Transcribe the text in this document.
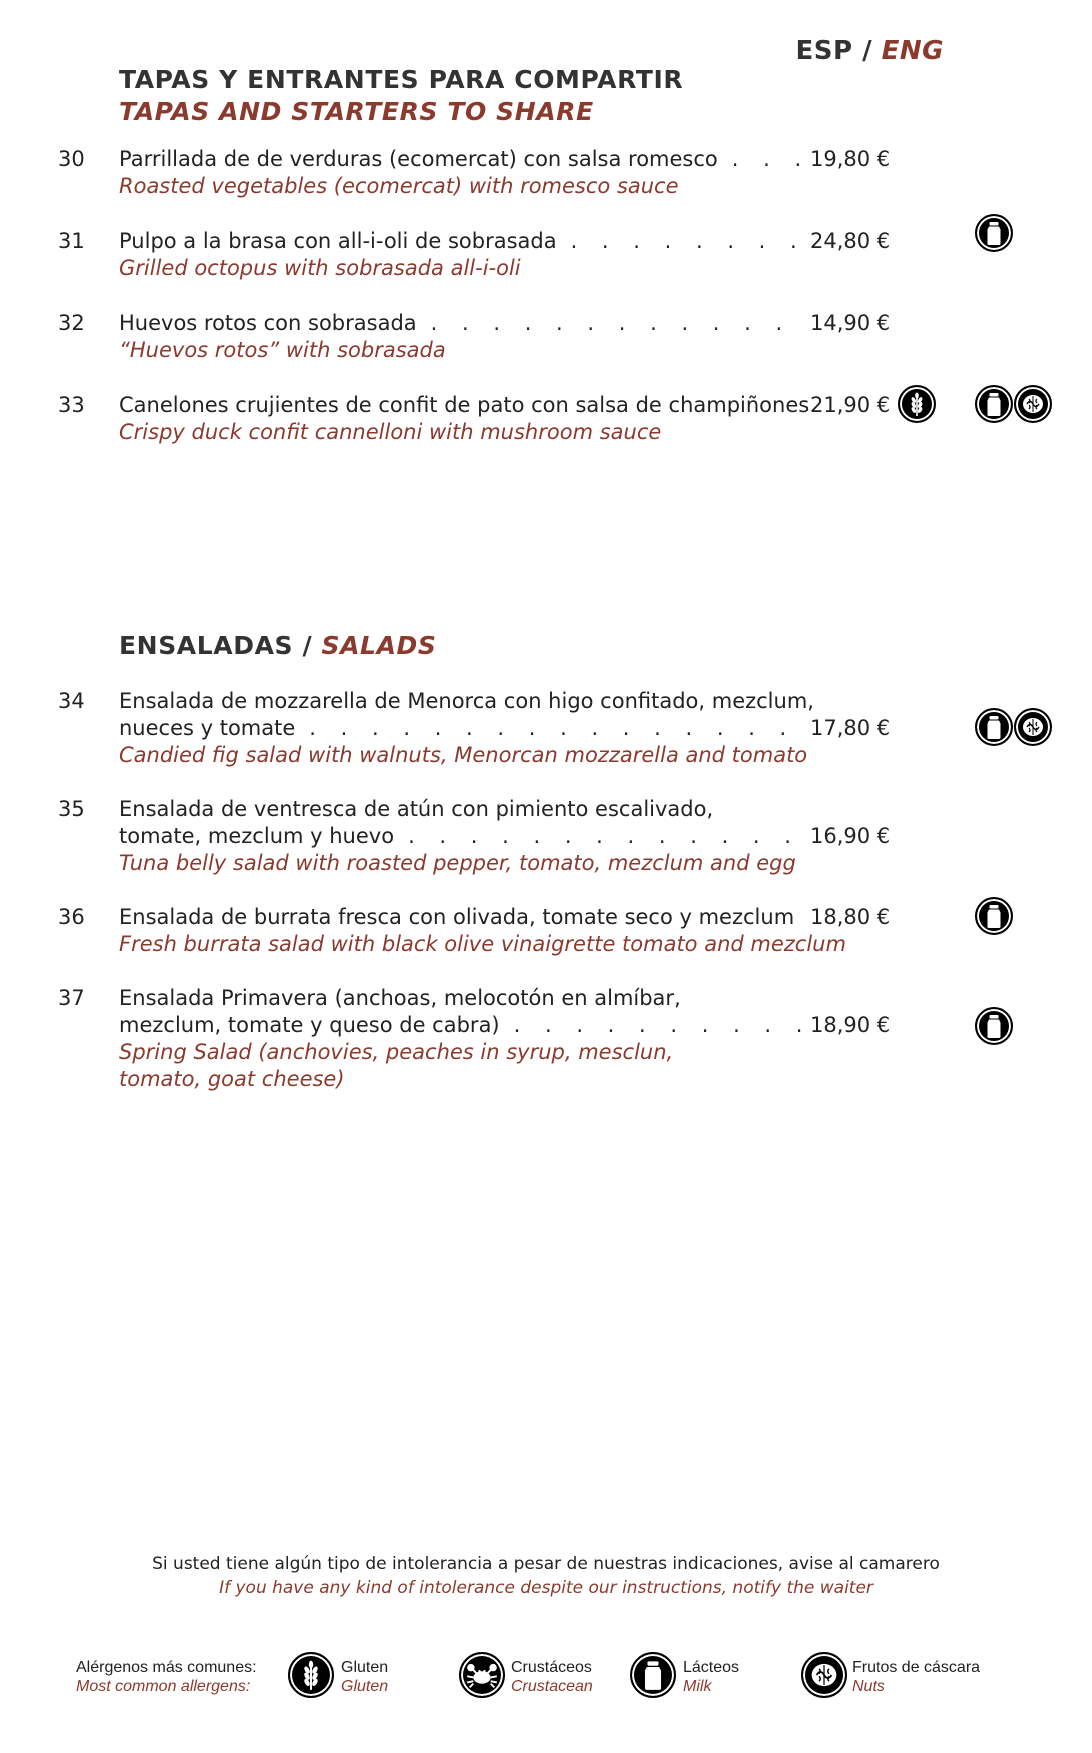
ESP / ENG
TAPAS Y ENTRANTES PARA COMPARTIR
TAPAS AND STARTERS TO SHARE
30 Parrillada de de verduras (ecomercat) con salsa romesco
. . .
Roasted vegetables (ecomercat) with romesco sauce
19,80 €
31 Pulpo a la brasa con all-i-oli de sobrasada
. . .
Grilled octopus with sobrasada all-i-oli
24,80 €
32 Huevos rotos con sobrasada
. . .
“Huevos rotos” with sobrasada
14,90 €
33 Canelones crujientes de confit de pato con salsa de champiñones
Crispy duck confit cannelloni with mushroom sauce
21,90 €
ENSALADAS / SALADS
34 Ensalada de mozzarella de Menorca con higo confitado, mezclum,
nueces y tomate
. . .
Candied fig salad with walnuts, Menorcan mozzarella and tomato
17,80 €
35 Ensalada de ventresca de atún con pimiento escalivado,
tomate, mezclum y huevo
. . .
Tuna belly salad with roasted pepper, tomato, mezclum and egg
16,90 €
36 Ensalada de burrata fresca con olivada, tomate seco y mezclum
. . .
Fresh burrata salad with black olive vinaigrette tomato and mezclum
18,80 €
37 Ensalada Primavera (anchoas, melocotón en almíbar,
mezclum, tomate y queso de cabra)
. . .
Spring Salad (anchovies, peaches in syrup, mesclun,
tomato, goat cheese)
18,90 €
Si usted tiene algún tipo de intolerancia a pesar de nuestras indicaciones, avise al camarero
If you have any kind of intolerance despite our instructions, notify the waiter
Alérgenos más comunes:
Most common allergens:
Gluten
Gluten
Crustáceos
Crustacean
Lácteos
Milk
Frutos de cáscara
Nuts
